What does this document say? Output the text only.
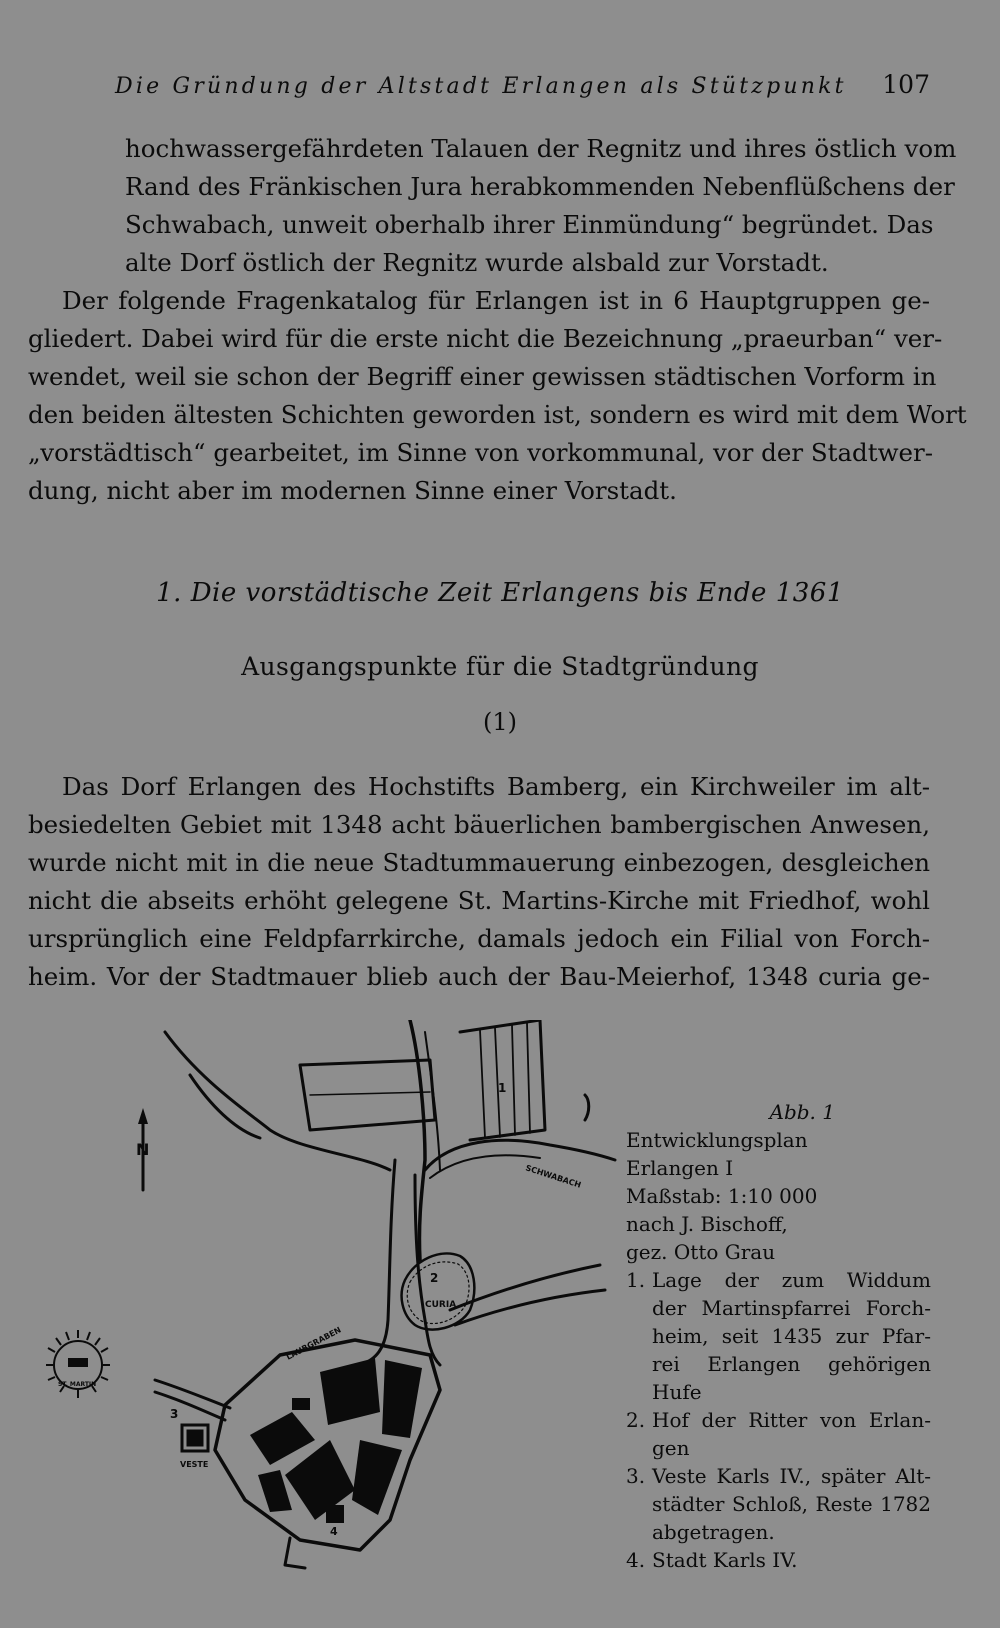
Die Gründung der Altstadt Erlangen als Stützpunkt 107
hochwassergefährdeten Talauen der Regnitz und ihres östlich vom
Rand des Fränkischen Jura herabkommenden Nebenflüßchens der
Schwabach, unweit oberhalb ihrer Einmündung“ begründet. Das
alte Dorf östlich der Regnitz wurde alsbald zur Vorstadt.
Der folgende Fragenkatalog für Erlangen ist in 6 Hauptgruppen ge-
gliedert. Dabei wird für die erste nicht die Bezeichnung „praeurban“ ver-
wendet, weil sie schon der Begriff einer gewissen städtischen Vorform in
den beiden ältesten Schichten geworden ist, sondern es wird mit dem Wort
„vorstädtisch“ gearbeitet, im Sinne von vorkommunal, vor der Stadtwer-
dung, nicht aber im modernen Sinne einer Vorstadt.
1. Die vorstädtische Zeit Erlangens bis Ende 1361
Ausgangspunkte für die Stadtgründung
(1)
Das Dorf Erlangen des Hochstifts Bamberg, ein Kirchweiler im alt-
besiedelten Gebiet mit 1348 acht bäuerlichen bambergischen Anwesen,
wurde nicht mit in die neue Stadtummauerung einbezogen, desgleichen
nicht die abseits erhöht gelegene St. Martins-Kirche mit Friedhof, wohl
ursprünglich eine Feldpfarrkirche, damals jedoch ein Filial von Forch-
heim. Vor der Stadtmauer blieb auch der Bau-Meierhof, 1348 curia ge-
N
1
2
CURIA
3
VESTE
ST. MARTIN
SCHWABACH
LAUBGRABEN
4
Abb. 1
Entwicklungsplan
Erlangen I
Maßstab: 1:10 000
nach J. Bischoff,
gez. Otto Grau
1. Lage der zum Widdum
der Martinspfarrei Forch-
heim, seit 1435 zur Pfar-
rei Erlangen gehörigen
Hufe
2. Hof der Ritter von Erlan-
gen
3. Veste Karls IV., später Alt-
städter Schloß, Reste 1782
abgetragen.
4. Stadt Karls IV.
